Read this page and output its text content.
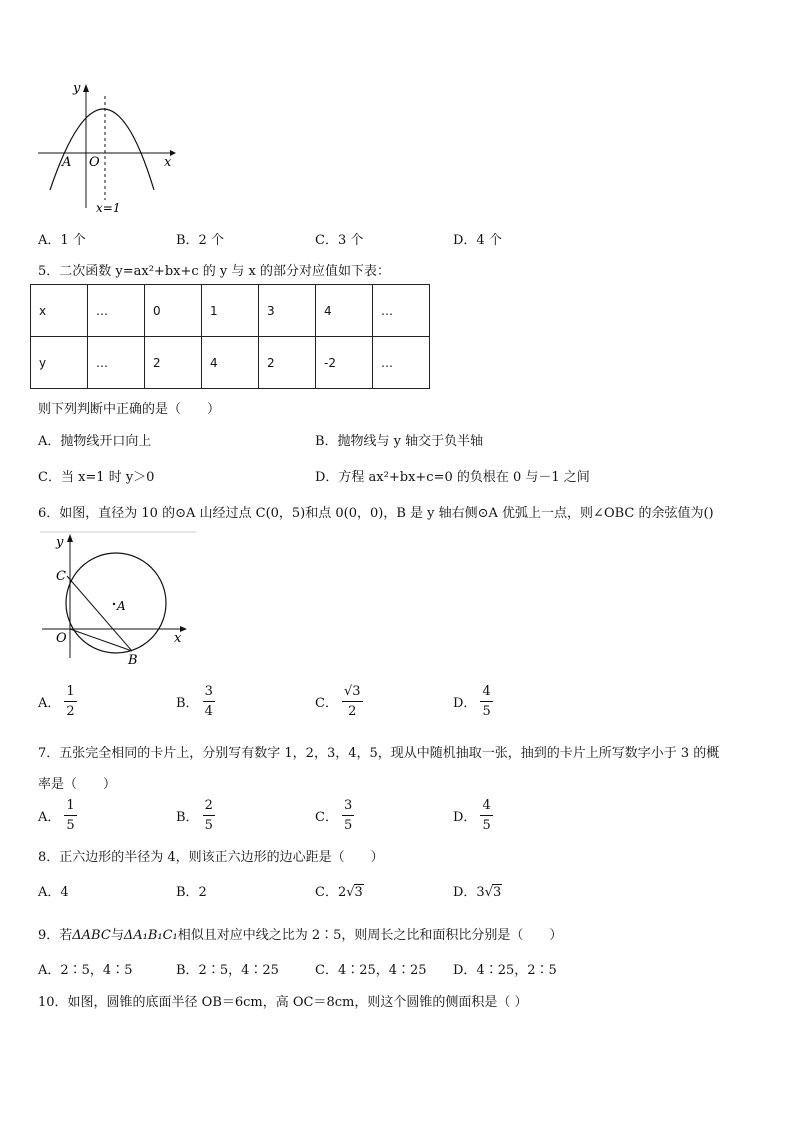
y
x
A O
x=1
A．1 个	B．2 个	C．3 个	D．4 个
5．二次函数 y=ax²+bx+c 的 y 与 x 的部分对应值如下表：
x	…	0	1	3	4	…
y	…	2	4	2	-2	…
则下列判断中正确的是（　　）
A．抛物线开口向上	B．抛物线与 y 轴交于负半轴
C．当 x=1 时 y＞0	D．方程 ax²+bx+c=0 的负根在 0 与－1 之间
6．如图，直径为 10 的⊙A 山经过点 C(0，5)和点 0(0，0)，B 是 y 轴右侧⊙A 优弧上一点，则∠OBC 的余弦值为()
y
x
C
A
O
B
A． $\frac{1}{2}$	B． $\frac{3}{4}$	C． $\frac{√3}{2}$	D． $\frac{4}{5}$
7．五张完全相同的卡片上，分别写有数字 1，2，3，4，5，现从中随机抽取一张，抽到的卡片上所写数字小于 3 的概
率是（　　）
A． $\frac{1}{5}$	B． $\frac{2}{5}$	C． $\frac{3}{5}$	D． $\frac{4}{5}$
8．正六边形的半径为 4，则该正六边形的边心距是（　　）
A．4	B．2	C．2√3	D．3√3
9．若ΔABC与ΔA₁B₁C₁相似且对应中线之比为 2∶5，则周长之比和面积比分别是（　　）
A．2∶5，4∶5	B．2∶5，4∶25	C．4∶25，4∶25 D．4∶25，2∶5
10．如图，圆锥的底面半径 OB＝6cm，高 OC＝8cm，则这个圆锥的侧面积是（ ）
